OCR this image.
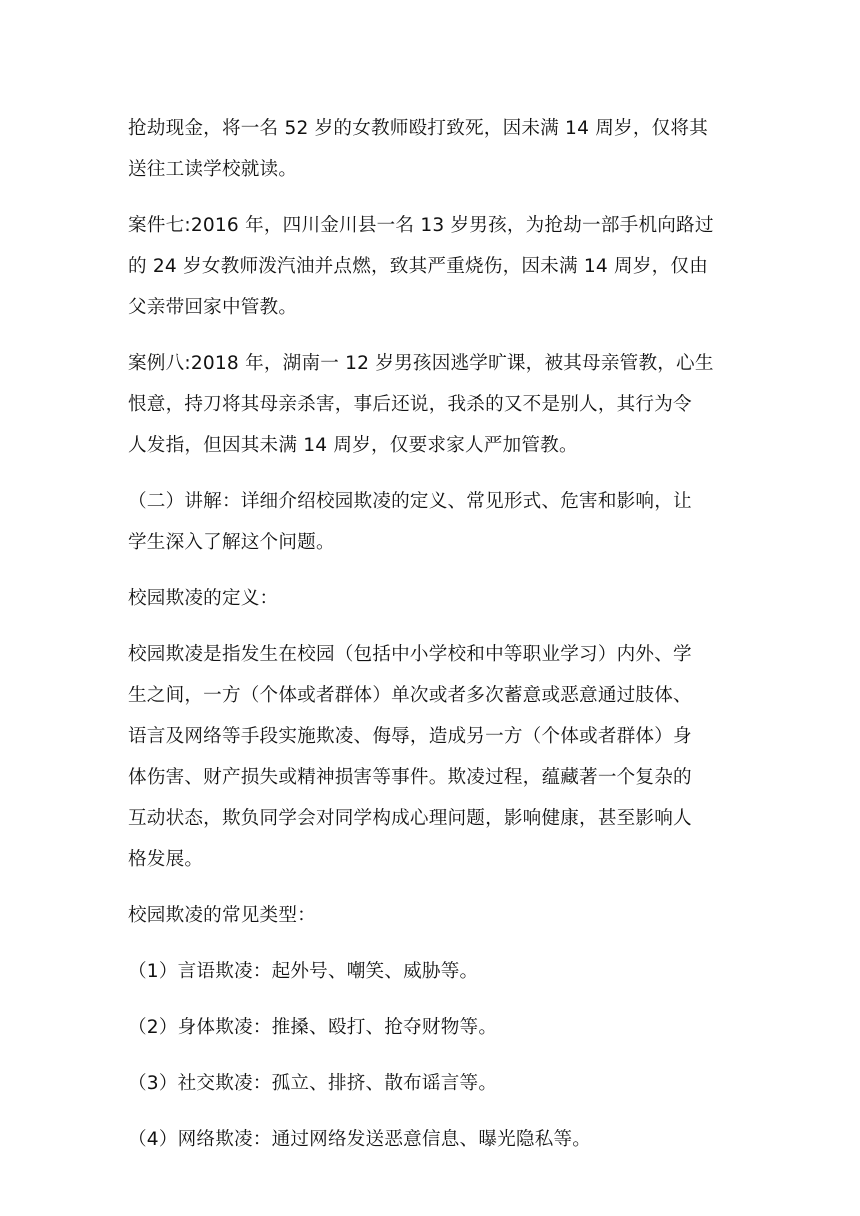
抢劫现金，将一名 52 岁的女教师殴打致死，因未满 14 周岁，仅将其
送往工读学校就读。
案件七:2016 年，四川金川县一名 13 岁男孩，为抢劫一部手机向路过
的 24 岁女教师泼汽油并点燃，致其严重烧伤，因未满 14 周岁，仅由
父亲带回家中管教。
案例八:2018 年，湖南一 12 岁男孩因逃学旷课，被其母亲管教，心生
恨意，持刀将其母亲杀害，事后还说，我杀的又不是别人，其行为令
人发指，但因其未满 14 周岁，仅要求家人严加管教。
（二）讲解：详细介绍校园欺凌的定义、常见形式、危害和影响，让
学生深入了解这个问题。
校园欺凌的定义：
校园欺凌是指发生在校园（包括中小学校和中等职业学习）内外、学
生之间，一方（个体或者群体）单次或者多次蓄意或恶意通过肢体、
语言及网络等手段实施欺凌、侮辱，造成另一方（个体或者群体）身
体伤害、财产损失或精神损害等事件。欺凌过程，蕴藏著一个复杂的
互动状态，欺负同学会对同学构成心理问题，影响健康，甚至影响人
格发展。
校园欺凌的常见类型：
（1）言语欺凌：起外号、嘲笑、威胁等。
（2）身体欺凌：推搡、殴打、抢夺财物等。
（3）社交欺凌：孤立、排挤、散布谣言等。
（4）网络欺凌：通过网络发送恶意信息、曝光隐私等。
